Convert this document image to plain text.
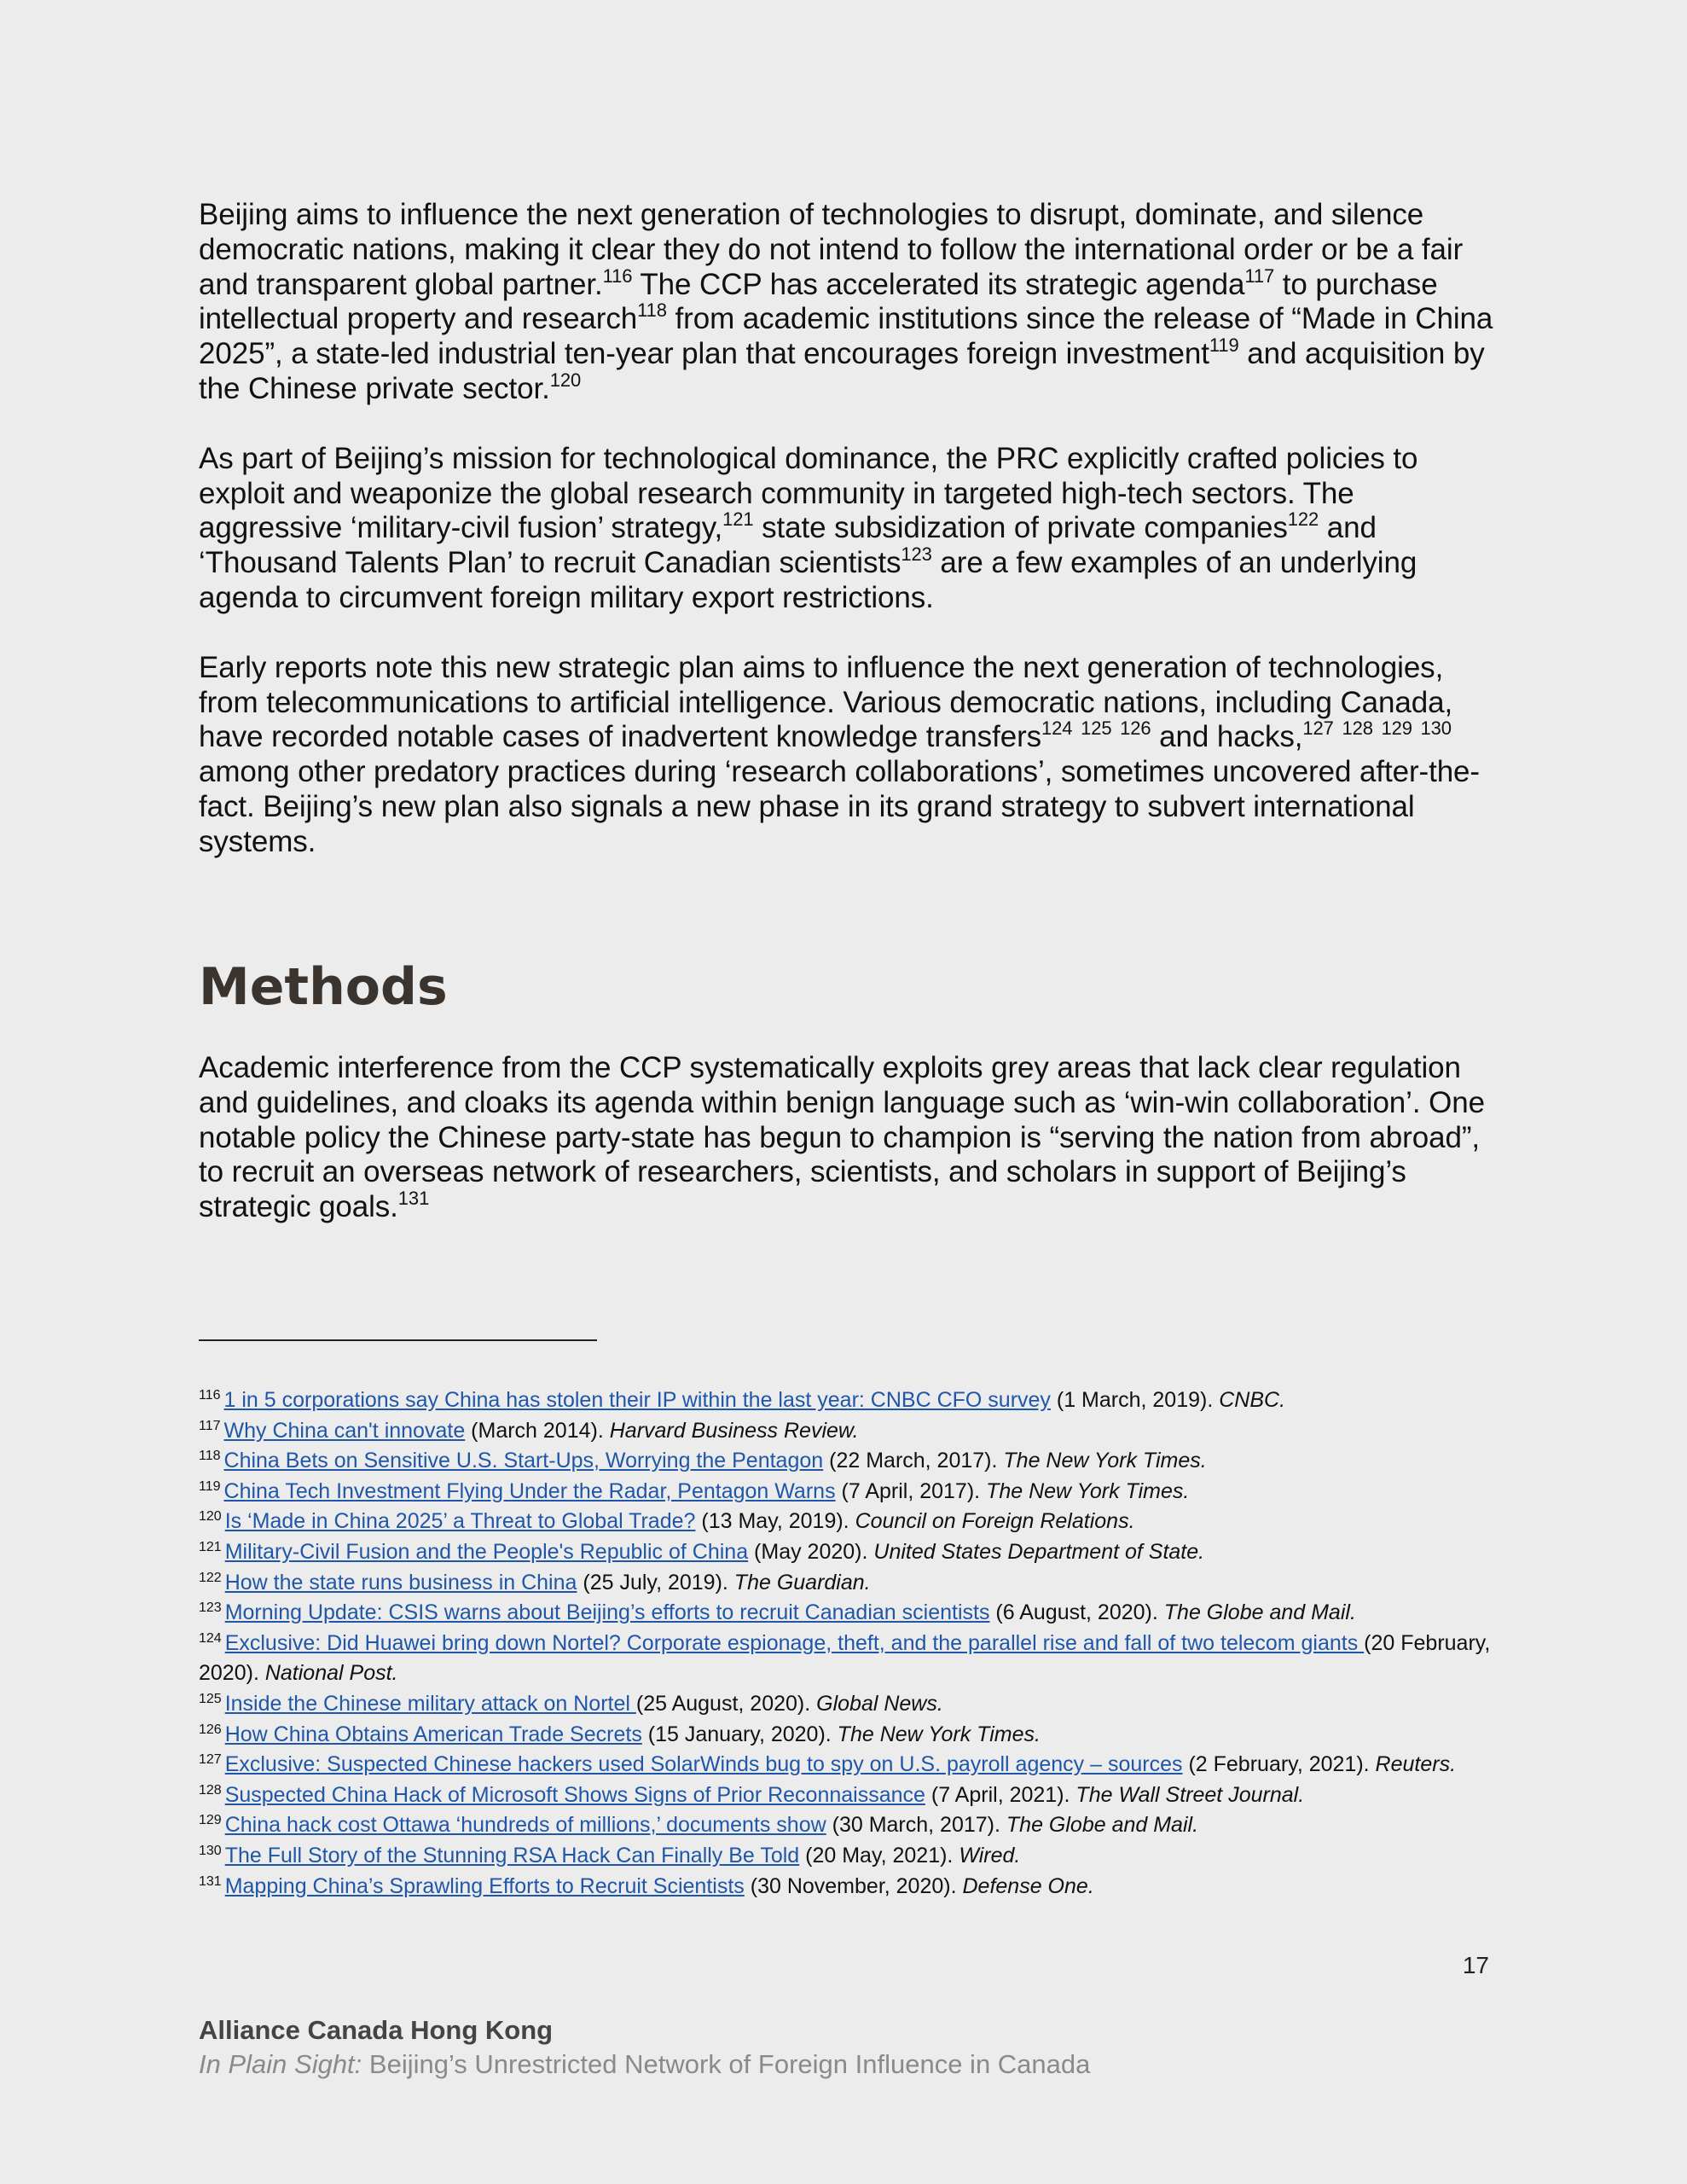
Beijing aims to influence the next generation of technologies to disrupt, dominate, and silence democratic nations, making it clear they do not intend to follow the international order or be a fair and transparent global partner.$^{116}$ The CCP has accelerated its strategic agenda$^{117}$ to purchase intellectual property and research$^{118}$ from academic institutions since the release of “Made in China 2025”, a state-led industrial ten-year plan that encourages foreign investment$^{119}$ and acquisition by the Chinese private sector.$^{120}$

As part of Beijing’s mission for technological dominance, the PRC explicitly crafted policies to exploit and weaponize the global research community in targeted high-tech sectors. The aggressive ‘military-civil fusion’ strategy,$^{121}$ state subsidization of private companies$^{122}$ and ‘Thousand Talents Plan’ to recruit Canadian scientists$^{123}$ are a few examples of an underlying agenda to circumvent foreign military export restrictions.

Early reports note this new strategic plan aims to influence the next generation of technologies, from telecommunications to artificial intelligence. Various democratic nations, including Canada, have recorded notable cases of inadvertent knowledge transfers$^{124}$ $^{125}$ $^{126}$ and hacks,$^{127}$ $^{128}$ $^{129}$ $^{130}$ among other predatory practices during ‘research collaborations’, sometimes uncovered after-the-fact. Beijing’s new plan also signals a new phase in its grand strategy to subvert international systems.

Methods

Academic interference from the CCP systematically exploits grey areas that lack clear regulation and guidelines, and cloaks its agenda within benign language such as ‘win-win collaboration’. One notable policy the Chinese party-state has begun to champion is “serving the nation from abroad”, to recruit an overseas network of researchers, scientists, and scholars in support of Beijing’s strategic goals.$^{131}$

$^{116}$ 1 in 5 corporations say China has stolen their IP within the last year: CNBC CFO survey (1 March, 2019). CNBC.

$^{117}$ Why China can't innovate (March 2014). Harvard Business Review.

$^{118}$ China Bets on Sensitive U.S. Start-Ups, Worrying the Pentagon (22 March, 2017). The New York Times.

$^{119}$ China Tech Investment Flying Under the Radar, Pentagon Warns (7 April, 2017). The New York Times.

$^{120}$ Is ‘Made in China 2025’ a Threat to Global Trade? (13 May, 2019). Council on Foreign Relations.

$^{121}$ Military-Civil Fusion and the People's Republic of China (May 2020). United States Department of State.

$^{122}$ How the state runs business in China (25 July, 2019). The Guardian.

$^{123}$ Morning Update: CSIS warns about Beijing’s efforts to recruit Canadian scientists (6 August, 2020). The Globe and Mail.

$^{124}$ Exclusive: Did Huawei bring down Nortel? Corporate espionage, theft, and the parallel rise and fall of two telecom giants (20 February, 2020). National Post.

$^{125}$ Inside the Chinese military attack on Nortel (25 August, 2020). Global News.

$^{126}$ How China Obtains American Trade Secrets (15 January, 2020). The New York Times.

$^{127}$ Exclusive: Suspected Chinese hackers used SolarWinds bug to spy on U.S. payroll agency – sources (2 February, 2021). Reuters.

$^{128}$ Suspected China Hack of Microsoft Shows Signs of Prior Reconnaissance (7 April, 2021). The Wall Street Journal.

$^{129}$ China hack cost Ottawa ‘hundreds of millions,’ documents show (30 March, 2017). The Globe and Mail.

$^{130}$ The Full Story of the Stunning RSA Hack Can Finally Be Told (20 May, 2021). Wired.

$^{131}$ Mapping China’s Sprawling Efforts to Recruit Scientists (30 November, 2020). Defense One.

17
Alliance Canada Hong Kong
In Plain Sight: Beijing’s Unrestricted Network of Foreign Influence in Canada
